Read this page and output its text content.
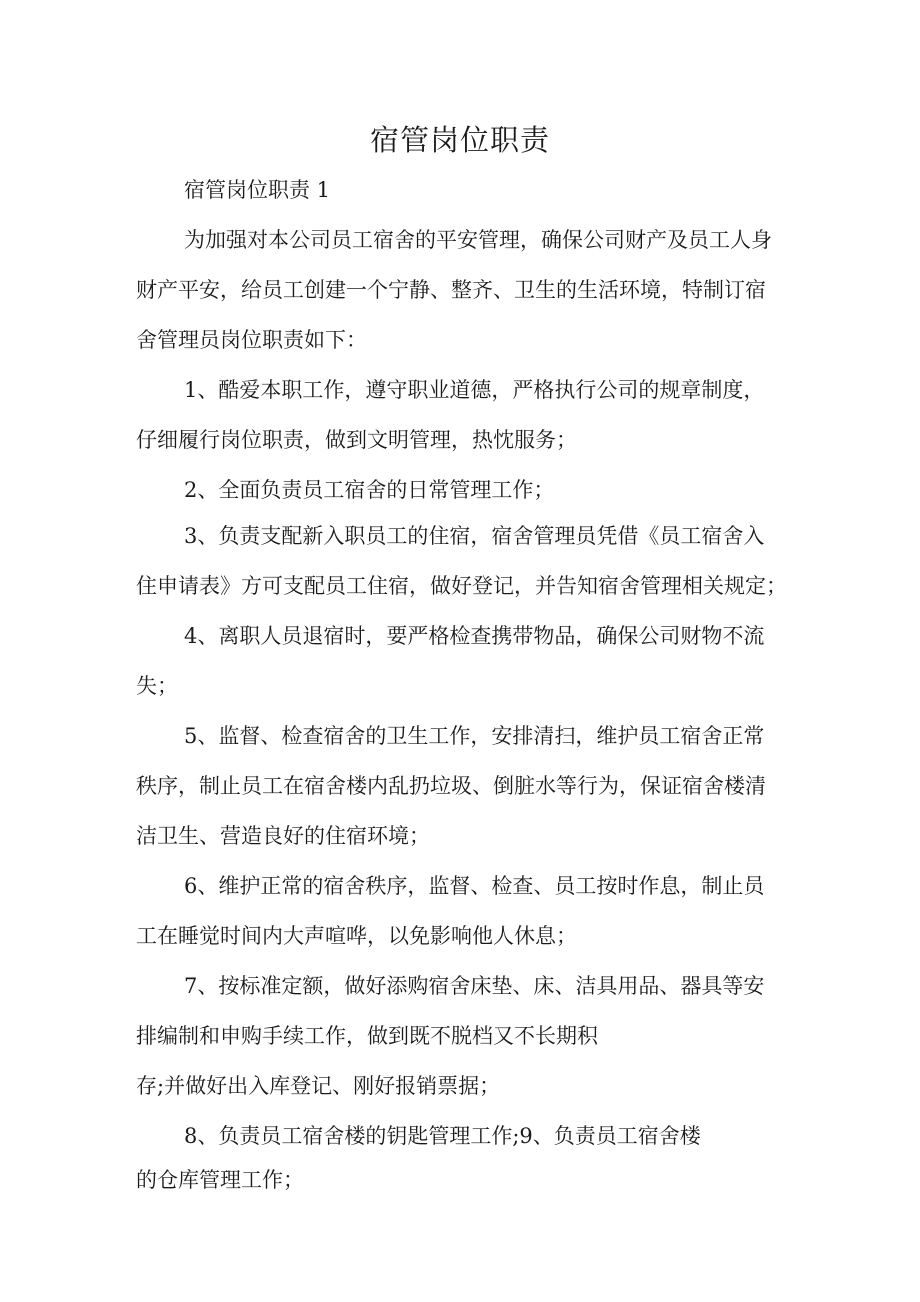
宿管岗位职责
宿管岗位职责 1
为加强对本公司员工宿舍的平安管理，确保公司财产及员工人身
财产平安，给员工创建一个宁静、整齐、卫生的生活环境，特制订宿
舍管理员岗位职责如下：
1、酷爱本职工作，遵守职业道德，严格执行公司的规章制度，
仔细履行岗位职责，做到文明管理，热忱服务；
2、全面负责员工宿舍的日常管理工作；
3、负责支配新入职员工的住宿，宿舍管理员凭借《员工宿舍入
住申请表》方可支配员工住宿，做好登记，并告知宿舍管理相关规定；
4、离职人员退宿时，要严格检查携带物品，确保公司财物不流
失；
5、监督、检查宿舍的卫生工作，安排清扫，维护员工宿舍正常
秩序，制止员工在宿舍楼内乱扔垃圾、倒脏水等行为，保证宿舍楼清
洁卫生、营造良好的住宿环境；
6、维护正常的宿舍秩序，监督、检查、员工按时作息，制止员
工在睡觉时间内大声喧哗，以免影响他人休息；
7、按标准定额，做好添购宿舍床垫、床、洁具用品、器具等安
排编制和申购手续工作，做到既不脱档又不长期积
存;并做好出入库登记、刚好报销票据；
8、负责员工宿舍楼的钥匙管理工作;9、负责员工宿舍楼
的仓库管理工作；
